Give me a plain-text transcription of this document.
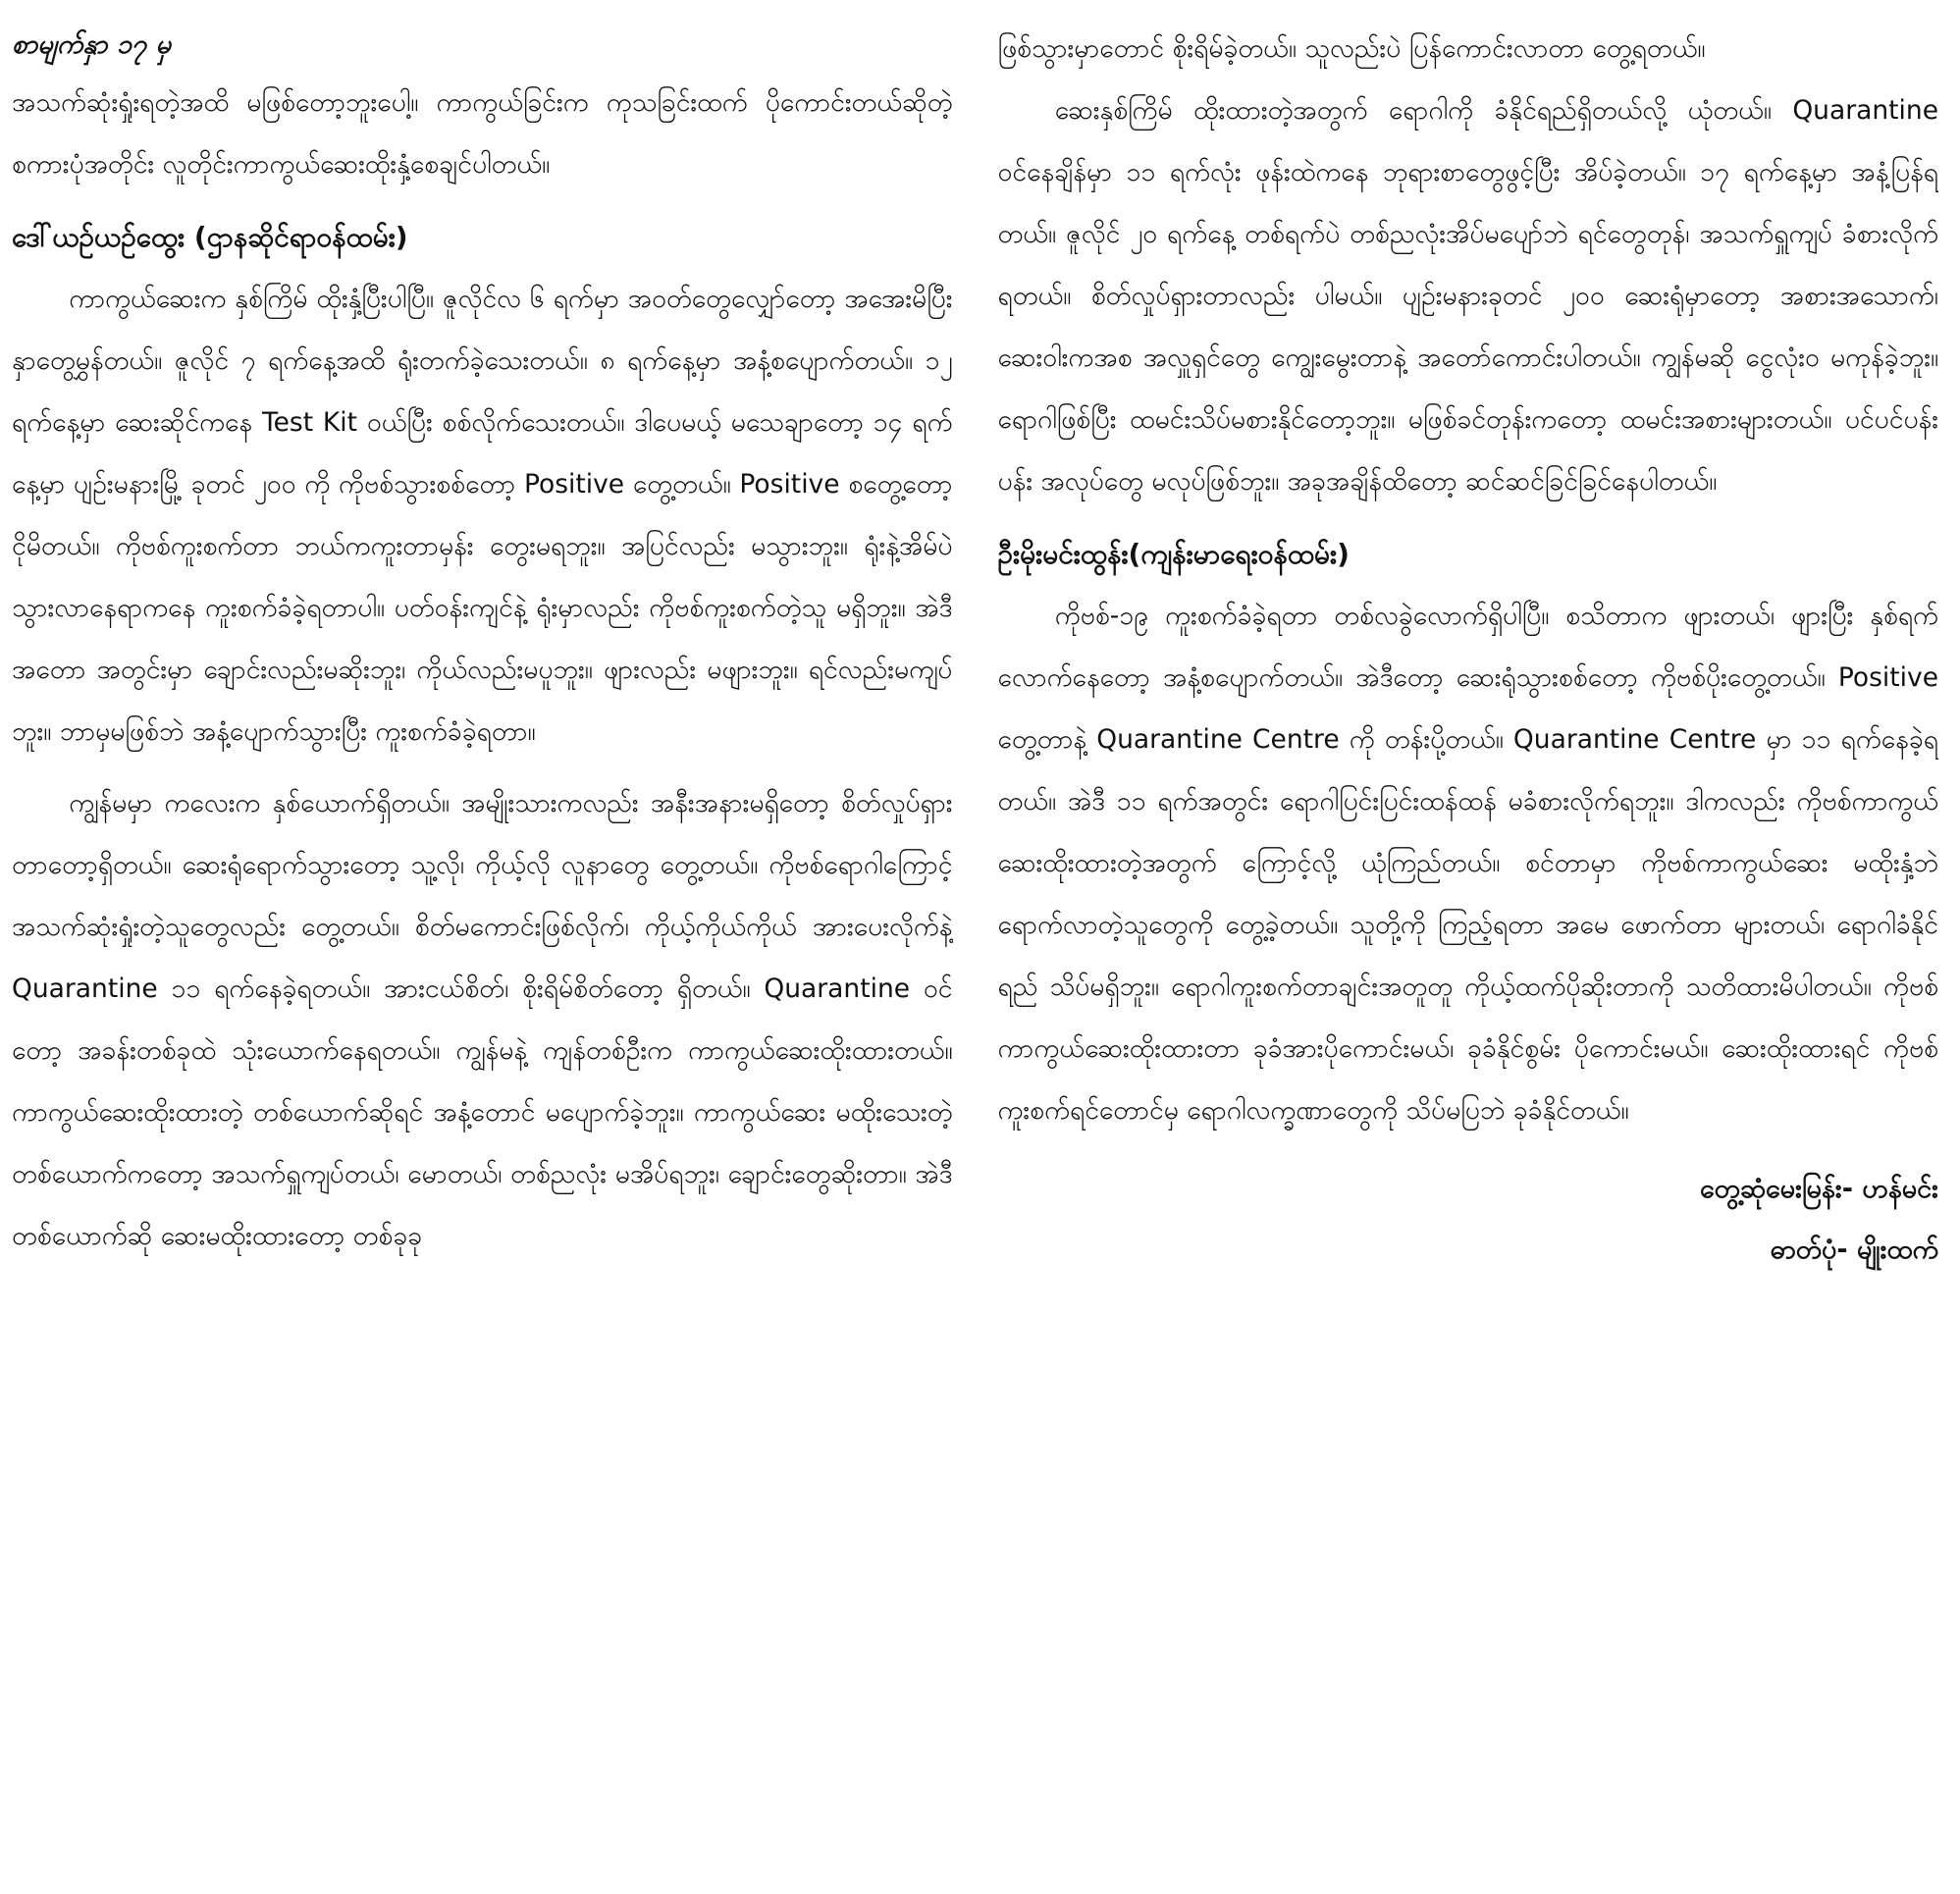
စာမျက်နှာ ၁၇ မှ

အသက်ဆုံးရှုံးရတဲ့အထိ မဖြစ်တော့ဘူးပေါ့။ ကာကွယ်ခြင်းက ကုသခြင်းထက် ပိုကောင်းတယ်ဆိုတဲ့ စကားပုံအတိုင်း လူတိုင်းကာကွယ်ဆေးထိုးနှံ့စေချင်ပါတယ်။

ဒေါ်ယဉ်ယဉ်ထွေး (ဌာနဆိုင်ရာဝန်ထမ်း)

ကာကွယ်ဆေးက နှစ်ကြိမ် ထိုးနှံ့ပြီးပါပြီ။ ဇူလိုင်လ ၆ ရက်မှာ အဝတ်တွေလျှော်တော့ အအေးမိပြီး နှာတွေမွှန်တယ်။ ဇူလိုင် ၇ ရက်နေ့အထိ ရုံးတက်ခဲ့သေးတယ်။ ၈ ရက်နေ့မှာ အနံ့စပျောက်တယ်။ ၁၂ ရက်နေ့မှာ ဆေးဆိုင်ကနေ Test Kit ဝယ်ပြီး စစ်လိုက်သေးတယ်။ ဒါပေမယ့် မသေချာတော့ ၁၄ ရက်နေ့မှာ ပျဉ်းမနားမြို့ ခုတင် ၂၀၀ ကို ကိုဗစ်သွားစစ်တော့ Positive တွေ့တယ်။ Positive စတွေ့တော့ ငိုမိတယ်။ ကိုဗစ်ကူးစက်တာ ဘယ်ကကူးတာမှန်း တွေးမရဘူး။ အပြင်လည်း မသွားဘူး။ ရုံးနဲ့အိမ်ပဲ သွားလာနေရာကနေ ကူးစက်ခံခဲ့ရတာပါ။ ပတ်ဝန်းကျင်နဲ့ ရုံးမှာလည်း ကိုဗစ်ကူးစက်တဲ့သူ မရှိဘူး။ အဲဒီအတော အတွင်းမှာ ချောင်းလည်းမဆိုးဘူး၊ ကိုယ်လည်းမပူဘူး။ ဖျားလည်း မဖျားဘူး။ ရင်လည်းမကျပ်ဘူး။ ဘာမှမဖြစ်ဘဲ အနံ့ပျောက်သွားပြီး ကူးစက်ခံခဲ့ရတာ။

ကျွန်မမှာ ကလေးက နှစ်ယောက်ရှိတယ်။ အမျိုးသားကလည်း အနီးအနားမရှိတော့ စိတ်လှုပ်ရှားတာတော့ရှိတယ်။ ဆေးရုံရောက်သွားတော့ သူ့လို၊ ကိုယ့်လို လူနာတွေ တွေ့တယ်။ ကိုဗစ်ရောဂါကြောင့် အသက်ဆုံးရှုံးတဲ့သူတွေလည်း တွေ့တယ်။ စိတ်မကောင်းဖြစ်လိုက်၊ ကိုယ့်ကိုယ်ကိုယ် အားပေးလိုက်နဲ့ Quarantine ၁၁ ရက်နေခဲ့ရတယ်။ အားငယ်စိတ်၊ စိုးရိမ်စိတ်တော့ ရှိတယ်။ Quarantine ဝင်တော့ အခန်းတစ်ခုထဲ သုံးယောက်နေရတယ်။ ကျွန်မနဲ့ ကျန်တစ်ဦးက ကာကွယ်ဆေးထိုးထားတယ်။ ကာကွယ်ဆေးထိုးထားတဲ့ တစ်ယောက်ဆိုရင် အနံ့တောင် မပျောက်ခဲ့ဘူး။ ကာကွယ်ဆေး မထိုးသေးတဲ့ တစ်ယောက်ကတော့ အသက်ရှူကျပ်တယ်၊ မောတယ်၊ တစ်ညလုံး မအိပ်ရဘူး၊ ချောင်းတွေဆိုးတာ။ အဲဒီတစ်ယောက်ဆို ဆေးမထိုးထားတော့ တစ်ခုခု

ဖြစ်သွားမှာတောင် စိုးရိမ်ခဲ့တယ်။ သူလည်းပဲ ပြန်ကောင်းလာတာ တွေ့ရတယ်။

ဆေးနှစ်ကြိမ် ထိုးထားတဲ့အတွက် ရောဂါကို ခံနိုင်ရည်ရှိတယ်လို့ ယုံတယ်။ Quarantine ဝင်နေချိန်မှာ ၁၁ ရက်လုံး ဖုန်းထဲကနေ ဘုရားစာတွေဖွင့်ပြီး အိပ်ခဲ့တယ်။ ၁၇ ရက်နေ့မှာ အနံ့ပြန်ရတယ်။ ဇူလိုင် ၂၀ ရက်နေ့ တစ်ရက်ပဲ တစ်ညလုံးအိပ်မပျော်ဘဲ ရင်တွေတုန်၊ အသက်ရှူကျပ် ခံစားလိုက်ရတယ်။ စိတ်လှုပ်ရှားတာလည်း ပါမယ်။ ပျဉ်းမနားခုတင် ၂၀၀ ဆေးရုံမှာတော့ အစားအသောက်၊ ဆေးဝါးကအစ အလှူရှင်တွေ ကျွေးမွေးတာနဲ့ အတော်ကောင်းပါတယ်။ ကျွန်မဆို ငွေလုံးဝ မကုန်ခဲ့ဘူး။ ရောဂါဖြစ်ပြီး ထမင်းသိပ်မစားနိုင်တော့ဘူး။ မဖြစ်ခင်တုန်းကတော့ ထမင်းအစားများတယ်။ ပင်ပင်ပန်းပန်း အလုပ်တွေ မလုပ်ဖြစ်ဘူး။ အခုအချိန်ထိတော့ ဆင်ဆင်ခြင်ခြင်နေပါတယ်။

ဦးမိုးမင်းထွန်း(ကျန်းမာရေးဝန်ထမ်း)

ကိုဗစ်-၁၉ ကူးစက်ခံခဲ့ရတာ တစ်လခွဲလောက်ရှိပါပြီ။ စသိတာက ဖျားတယ်၊ ဖျားပြီး နှစ်ရက်လောက်နေတော့ အနံ့စပျောက်တယ်။ အဲဒီတော့ ဆေးရုံသွားစစ်တော့ ကိုဗစ်ပိုးတွေ့တယ်။ Positive တွေ့တာနဲ့ Quarantine Centre ကို တန်းပို့တယ်။ Quarantine Centre မှာ ၁၁ ရက်နေခဲ့ရတယ်။ အဲဒီ ၁၁ ရက်အတွင်း ရောဂါပြင်းပြင်းထန်ထန် မခံစားလိုက်ရဘူး။ ဒါကလည်း ကိုဗစ်ကာကွယ် ဆေးထိုးထားတဲ့အတွက် ကြောင့်လို့ ယုံကြည်တယ်။ စင်တာမှာ ကိုဗစ်ကာကွယ်ဆေး မထိုးနှံ့ဘဲ ရောက်လာတဲ့သူတွေကို တွေ့ခဲ့တယ်။ သူတို့ကို ကြည့်ရတာ အမေ ဖောက်တာ များတယ်၊ ရောဂါခံနိုင်ရည် သိပ်မရှိဘူး။ ရောဂါကူးစက်တာချင်းအတူတူ ကိုယ့်ထက်ပိုဆိုးတာကို သတိထားမိပါတယ်။ ကိုဗစ်ကာကွယ်ဆေးထိုးထားတာ ခုခံအားပိုကောင်းမယ်၊ ခုခံနိုင်စွမ်း ပိုကောင်းမယ်။ ဆေးထိုးထားရင် ကိုဗစ်ကူးစက်ရင်တောင်မှ ရောဂါလက္ခဏာတွေကို သိပ်မပြဘဲ ခုခံနိုင်တယ်။

တွေ့ဆုံမေးမြန်း- ဟန်မင်း
ဓာတ်ပုံ- မျိုးထက်
